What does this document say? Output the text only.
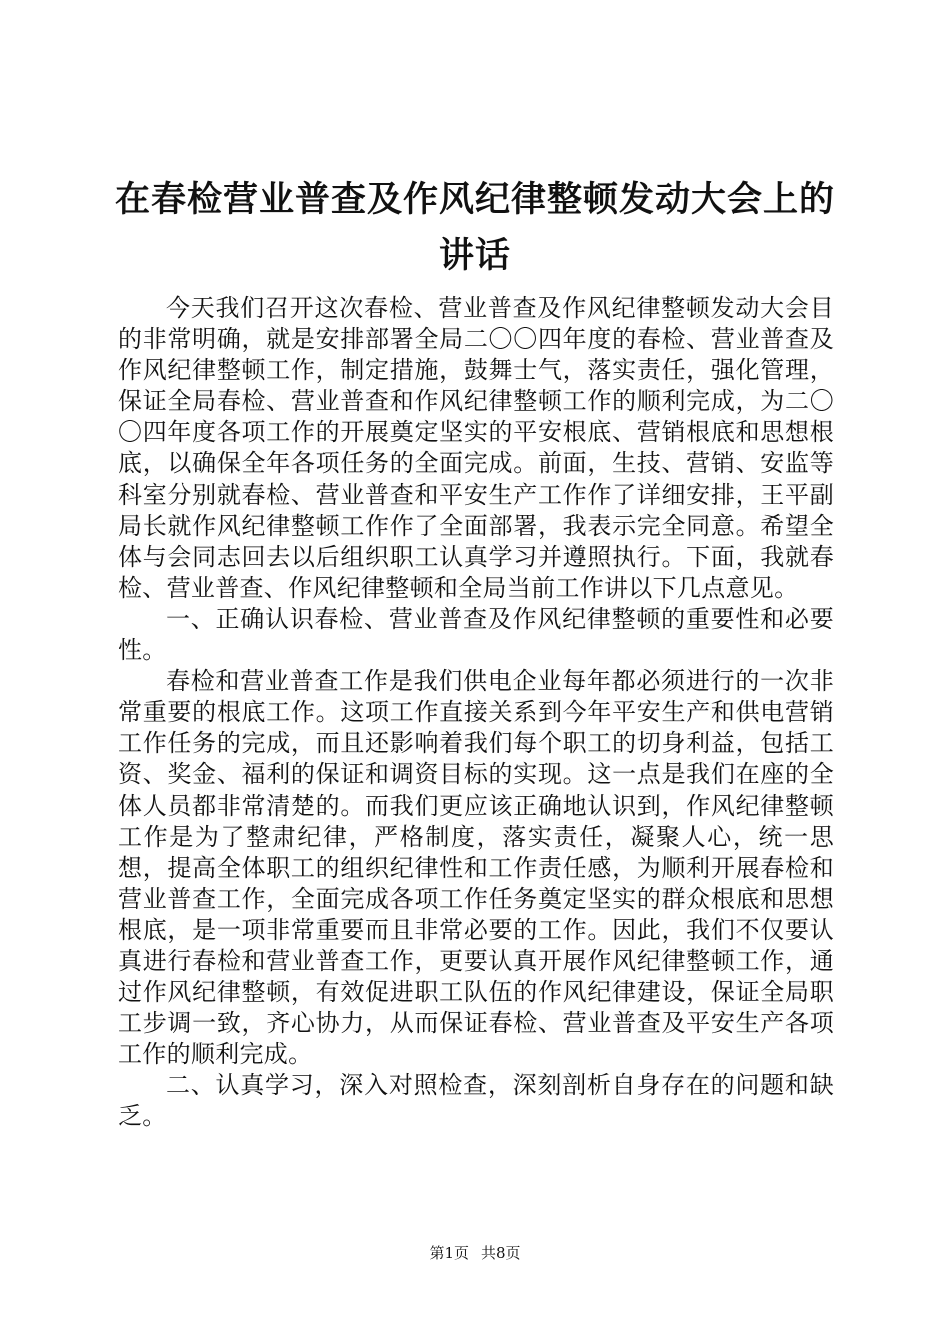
在春检营业普查及作风纪律整顿发动大会上的讲话

今天我们召开这次春检、营业普查及作风纪律整顿发动大会目的非常明确，就是安排部署全局二〇〇四年度的春检、营业普查及作风纪律整顿工作，制定措施，鼓舞士气，落实责任，强化管理，保证全局春检、营业普查和作风纪律整顿工作的顺利完成，为二〇〇四年度各项工作的开展奠定坚实的平安根底、营销根底和思想根底，以确保全年各项任务的全面完成。前面，生技、营销、安监等科室分别就春检、营业普查和平安生产工作作了详细安排，王平副局长就作风纪律整顿工作作了全面部署，我表示完全同意。希望全体与会同志回去以后组织职工认真学习并遵照执行。下面，我就春检、营业普查、作风纪律整顿和全局当前工作讲以下几点意见。

一、正确认识春检、营业普查及作风纪律整顿的重要性和必要性。

春检和营业普查工作是我们供电企业每年都必须进行的一次非常重要的根底工作。这项工作直接关系到今年平安生产和供电营销工作任务的完成，而且还影响着我们每个职工的切身利益，包括工资、奖金、福利的保证和调资目标的实现。这一点是我们在座的全体人员都非常清楚的。而我们更应该正确地认识到，作风纪律整顿工作是为了整肃纪律，严格制度，落实责任，凝聚人心，统一思想，提高全体职工的组织纪律性和工作责任感，为顺利开展春检和营业普查工作，全面完成各项工作任务奠定坚实的群众根底和思想根底，是一项非常重要而且非常必要的工作。因此，我们不仅要认真进行春检和营业普查工作，更要认真开展作风纪律整顿工作，通过作风纪律整顿，有效促进职工队伍的作风纪律建设，保证全局职工步调一致，齐心协力，从而保证春检、营业普查及平安生产各项工作的顺利完成。

二、认真学习，深入对照检查，深刻剖析自身存在的问题和缺乏。

第1页 共8页
